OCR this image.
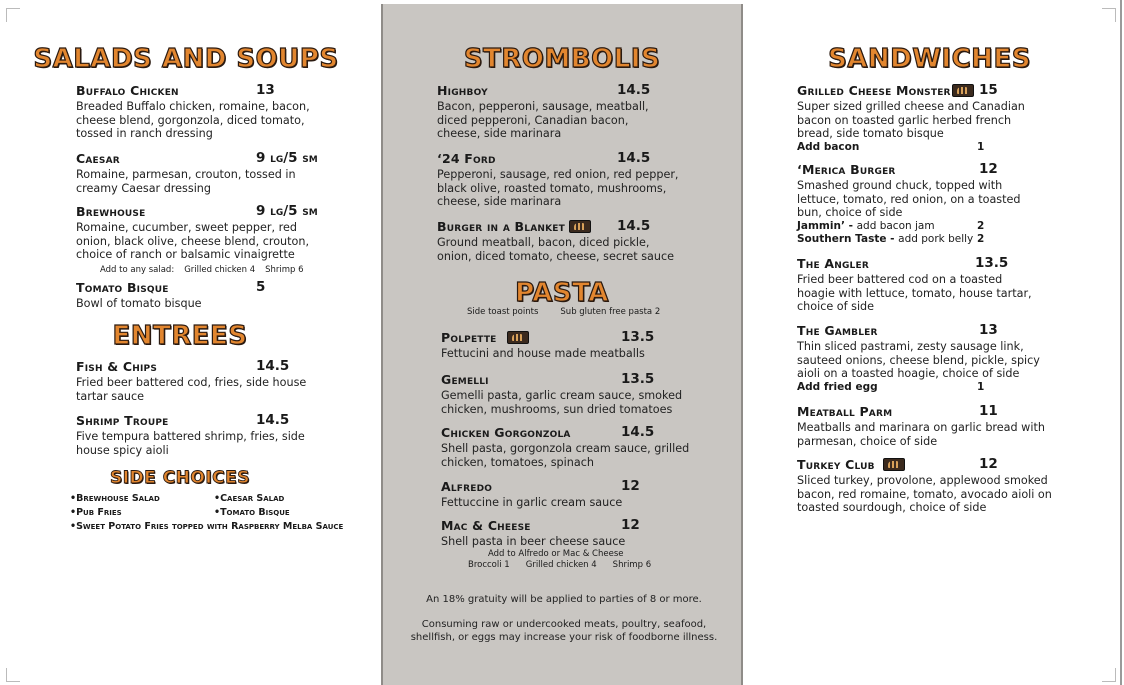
SALADS AND SOUPS
Buffalo Chicken	13
Breaded Buffalo chicken, romaine, bacon, cheese blend, gorgonzola, diced tomato, tossed in ranch dressing
Caesar	9 lg/5 sm
Romaine, parmesan, crouton, tossed in creamy Caesar dressing
Brewhouse	9 lg/5 sm
Romaine, cucumber, sweet pepper, red onion, black olive, cheese blend, crouton, choice of ranch or balsamic vinaigrette
Add to any salad: Grilled chicken 4 Shrimp 6
Tomato Bisque	5
Bowl of tomato bisque
ENTREES
Fish & Chips	14.5
Fried beer battered cod, fries, side house tartar sauce
Shrimp Troupe	14.5
Five tempura battered shrimp, fries, side house spicy aioli
SIDE CHOICES
•Brewhouse Salad	•Caesar Salad
•Pub Fries	•Tomato Bisque
•Sweet Potato Fries topped with Raspberry Melba Sauce
STROMBOLIS
Highboy	14.5
Bacon, pepperoni, sausage, meatball, diced pepperoni, Canadian bacon, cheese, side marinara
‘24 Ford	14.5
Pepperoni, sausage, red onion, red pepper, black olive, roasted tomato, mushrooms, cheese, side marinara
Burger in a Blanket	14.5
Ground meatball, bacon, diced pickle, onion, diced tomato, cheese, secret sauce
PASTA
Side toast points	Sub gluten free pasta 2
Polpette	13.5
Fettucini and house made meatballs
Gemelli	13.5
Gemelli pasta, garlic cream sauce, smoked chicken, mushrooms, sun dried tomatoes
Chicken Gorgonzola	14.5
Shell pasta, gorgonzola cream sauce, grilled chicken, tomatoes, spinach
Alfredo	12
Fettuccine in garlic cream sauce
Mac & Cheese	12
Shell pasta in beer cheese sauce
Add to Alfredo or Mac & Cheese
Broccoli 1 Grilled chicken 4 Shrimp 6
An 18% gratuity will be applied to parties of 8 or more.
Consuming raw or undercooked meats, poultry, seafood, shellfish, or eggs may increase your risk of foodborne illness.
SANDWICHES
Grilled Cheese Monster	15
Super sized grilled cheese and Canadian bacon on toasted garlic herbed french bread, side tomato bisque
Add bacon	1
‘Merica Burger	12
Smashed ground chuck, topped with lettuce, tomato, red onion, on a toasted bun, choice of side
Jammin’ - add bacon jam	2
Southern Taste - add pork belly 2
The Angler	13.5
Fried beer battered cod on a toasted hoagie with lettuce, tomato, house tartar, choice of side
The Gambler	13
Thin sliced pastrami, zesty sausage link, sauteed onions, cheese blend, pickle, spicy aioli on a toasted hoagie, choice of side
Add fried egg	1
Meatball Parm	11
Meatballs and marinara on garlic bread with parmesan, choice of side
Turkey Club	12
Sliced turkey, provolone, applewood smoked bacon, red romaine, tomato, avocado aioli on toasted sourdough, choice of side
